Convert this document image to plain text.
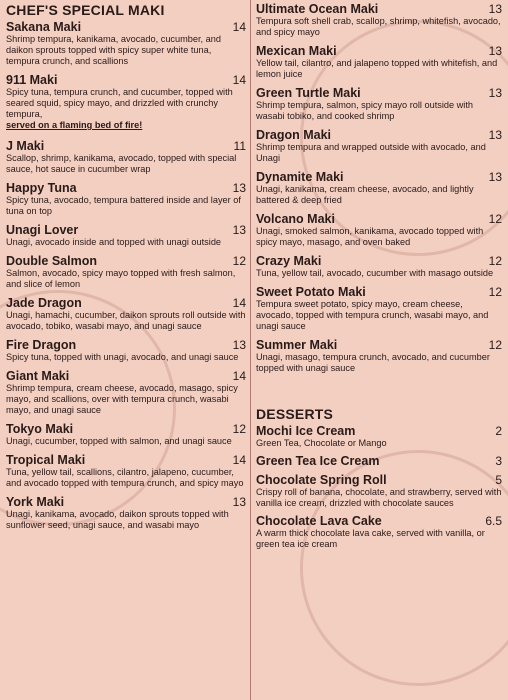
CHEF'S SPECIAL MAKI
Sakana Maki	14
Shrimp tempura, kanikama, avocado, cucumber, and daikon sprouts topped with spicy super white tuna, tempura crunch, and scallions
911 Maki	14
Spicy tuna, tempura crunch, and cucumber, topped with seared squid, spicy mayo, and drizzled with crunchy tempura,
served on a flaming bed of fire!
J Maki	11
Scallop, shrimp, kanikama, avocado, topped with special sauce, hot sauce in cucumber wrap
Happy Tuna	13
Spicy tuna, avocado, tempura battered inside and layer of tuna on top
Unagi Lover	13
Unagi, avocado inside and topped with unagi outside
Double Salmon	12
Salmon, avocado, spicy mayo topped with fresh salmon, and slice of lemon
Jade Dragon	14
Unagi, hamachi, cucumber, daikon sprouts roll outside with avocado, tobiko, wasabi mayo, and unagi sauce
Fire Dragon	13
Spicy tuna, topped with unagi, avocado, and unagi sauce
Giant Maki	14
Shrimp tempura, cream cheese, avocado, masago, spicy mayo, and scallions, over with tempura crunch, wasabi mayo, and unagi sauce
Tokyo Maki	12
Unagi, cucumber, topped with salmon, and unagi sauce
Tropical Maki	14
Tuna, yellow tail, scallions, cilantro, jalapeno, cucumber, and avocado topped with tempura crunch, and spicy mayo
York Maki	13
Unagi, kanikama, avocado, daikon sprouts topped with sunflower seed, unagi sauce, and wasabi mayo
Ultimate Ocean Maki	13
Tempura soft shell crab, scallop, shrimp, whitefish, avocado, and spicy mayo
Mexican Maki	13
Yellow tail, cilantro, and jalapeno topped with whitefish, and lemon juice
Green Turtle Maki	13
Shrimp tempura, salmon, spicy mayo roll outside with wasabi tobiko, and cooked shrimp
Dragon Maki	13
Shrimp tempura and wrapped outside with avocado, and Unagi
Dynamite Maki	13
Unagi, kanikama, cream cheese, avocado, and lightly battered & deep fried
Volcano Maki	12
Unagi, smoked salmon, kanikama, avocado topped with spicy mayo, masago, and oven baked
Crazy Maki	12
Tuna, yellow tail, avocado, cucumber with masago outside
Sweet Potato Maki	12
Tempura sweet potato, spicy mayo, cream cheese, avocado, topped with tempura crunch, wasabi mayo, and unagi sauce
Summer Maki	12
Unagi, masago, tempura crunch, avocado, and cucumber topped with unagi sauce
DESSERTS
Mochi Ice Cream	2
Green Tea, Chocolate or Mango
Green Tea Ice Cream	3
Chocolate Spring Roll	5
Crispy roll of banana, chocolate, and strawberry, served with vanilla ice cream, drizzled with chocolate sauces
Chocolate Lava Cake	6.5
A warm thick chocolate lava cake, served with vanilla, or green tea ice cream
